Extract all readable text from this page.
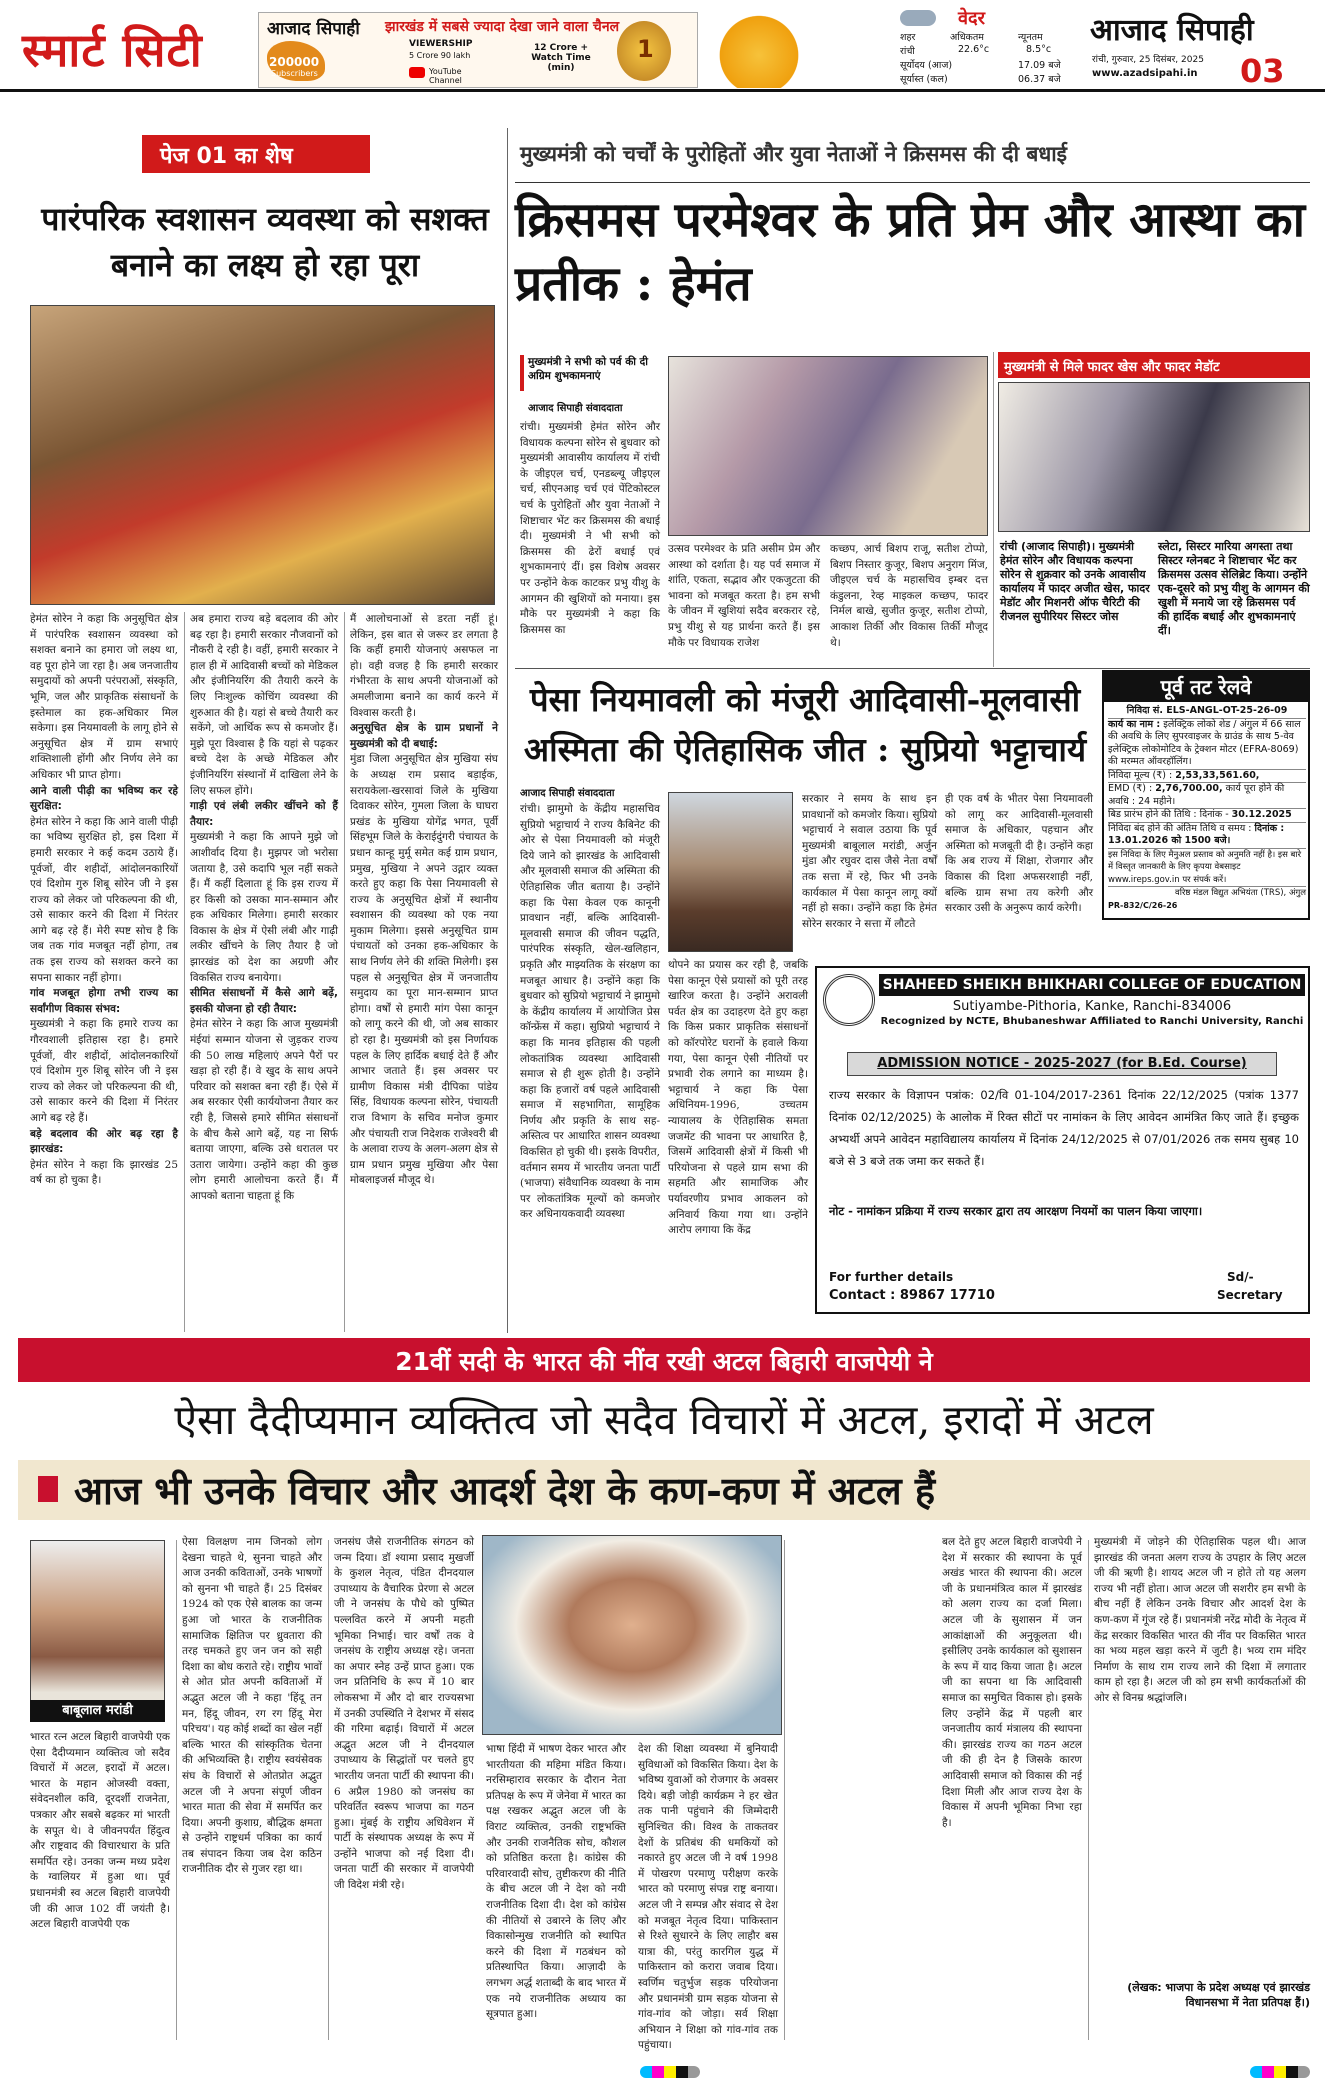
स्मार्ट सिटी	आजाद सिपाही झारखंड में सबसे ज्यादा देखा जाने वाला चैनल
200000
Subscribers
VIEWERSHIP
5 Crore 90 lakh
12 Crore + Watch Time (min)
YouTube Channel
1
वेदर
शहर	अधिकतम	न्यूनतम
रांची	22.6°c	8.5°c
सूर्योदय (आज)	17.09 बजे
सूर्यास्त (कल)	06.37 बजे
आजाद सिपाही
रांची, गुरुवार, 25 दिसंबर, 2025
www.azadsipahi.in 03
पेज 01 का शेष
पारंपरिक स्वशासन व्यवस्था को सशक्त बनाने का लक्ष्य हो रहा पूरा
हेमंत सोरेन ने कहा कि अनुसूचित क्षेत्र में पारंपरिक स्वशासन व्यवस्था को सशक्त बनाने का हमारा जो लक्ष्य था, वह पूरा होने जा रहा है। अब जनजातीय समुदायों को अपनी परंपराओं, संस्कृति, भूमि, जल और प्राकृतिक संसाधनों के इस्तेमाल का हक-अधिकार मिल सकेगा। इस नियमावली के लागू होने से अनुसूचित क्षेत्र में ग्राम सभाएं शक्तिशाली होंगी और निर्णय लेने का अधिकार भी प्राप्त होगा।
आने वाली पीढ़ी का भविष्य कर रहे सुरक्षित:
हेमंत सोरेन ने कहा कि आने वाली पीढ़ी का भविष्य सुरक्षित हो, इस दिशा में हमारी सरकार ने कई कदम उठाये हैं। पूर्वजों, वीर शहीदों, आंदोलनकारियों एवं दिशोम गुरु शिबू सोरेन जी ने इस राज्य को लेकर जो परिकल्पना की थी, उसे साकार करने की दिशा में निरंतर आगे बढ़ रहे हैं। मेरी स्पष्ट सोच है कि जब तक गांव मजबूत नहीं होगा, तब तक इस राज्य को सशक्त करने का सपना साकार नहीं होगा।
गांव मजबूत होगा तभी राज्य का सर्वांगीण विकास संभव:
मुख्यमंत्री ने कहा कि हमारे राज्य का गौरवशाली इतिहास रहा है। हमारे पूर्वजों, वीर शहीदों, आंदोलनकारियों एवं दिशोम गुरु शिबू सोरेन जी ने इस राज्य को लेकर जो परिकल्पना की थी, उसे साकार करने की दिशा में निरंतर आगे बढ़ रहे हैं।
बड़े बदलाव की ओर बढ़ रहा है झारखंड:
हेमंत सोरेन ने कहा कि झारखंड 25 वर्ष का हो चुका है।
अब हमारा राज्य बड़े बदलाव की ओर बढ़ रहा है। हमारी सरकार नौजवानों को नौकरी दे रही है। वहीं, हमारी सरकार ने हाल ही में आदिवासी बच्चों को मेडिकल और इंजीनियरिंग की तैयारी करने के लिए निःशुल्क कोचिंग व्यवस्था की शुरुआत की है। यहां से बच्चे तैयारी कर सकेंगे, जो आर्थिक रूप से कमजोर हैं। मुझे पूरा विश्वास है कि यहां से पढ़कर बच्चे देश के अच्छे मेडिकल और इंजीनियरिंग संस्थानों में दाखिला लेने के लिए सफल होंगे।
गाड़ी एवं लंबी लकीर खींचने को हैं तैयार:
मुख्यमंत्री ने कहा कि आपने मुझे जो आशीर्वाद दिया है। मुझपर जो भरोसा जताया है, उसे कदापि भूल नहीं सकते हैं। मैं कहीं दिलाता हूं कि इस राज्य में हर किसी को उसका मान-सम्मान और हक अधिकार मिलेगा। हमारी सरकार विकास के क्षेत्र में ऐसी लंबी और गाढ़ी लकीर खींचने के लिए तैयार है जो झारखंड को देश का अग्रणी और विकसित राज्य बनायेगा।
सीमित संसाधनों में कैसे आगे बढ़ें, इसकी योजना हो रही तैयार:
हेमंत सोरेन ने कहा कि आज मुख्यमंत्री मंईयां सम्मान योजना से जुड़कर राज्य की 50 लाख महिलाएं अपने पैरों पर खड़ा हो रही हैं। वे खुद के साथ अपने परिवार को सशक्त बना रही हैं। ऐसे में अब सरकार ऐसी कार्ययोजना तैयार कर रही है, जिससे हमारे सीमित संसाधनों के बीच कैसे आगे बढ़ें, यह ना सिर्फ बताया जाएगा, बल्कि उसे धरातल पर उतारा जायेगा। उन्होंने कहा की कुछ लोग हमारी आलोचना करते हैं। मैं आपको बताना चाहता हूं कि
मैं आलोचनाओं से डरता नहीं हूं। लेकिन, इस बात से जरूर डर लगता है कि कहीं हमारी योजनाएं असफल ना हो। वही वजह है कि हमारी सरकार गंभीरता के साथ अपनी योजनाओं को अमलीजामा बनाने का कार्य करने में विश्वास करती है।
अनुसूचित क्षेत्र के ग्राम प्रधानों ने मुख्यमंत्री को दी बधाई:
मुंडा जिला अनुसूचित क्षेत्र मुखिया संघ के अध्यक्ष राम प्रसाद बड़ाईक, सरायकेला-खरसावां जिले के मुखिया दिवाकर सोरेन, गुमला जिला के घाघरा प्रखंड के मुखिया योगेंद्र भगत, पूर्वी सिंहभूम जिले के केराईदुंगरी पंचायत के प्रधान कान्हू मुर्मू समेत कई ग्राम प्रधान, प्रमुख, मुखिया ने अपने उद्गार व्यक्त करते हुए कहा कि पेसा नियमावली से राज्य के अनुसूचित क्षेत्रों में स्थानीय स्वशासन की व्यवस्था को एक नया मुकाम मिलेगा। इससे अनुसूचित ग्राम पंचायतों को उनका हक-अधिकार के साथ निर्णय लेने की शक्ति मिलेगी। इस पहल से अनुसूचित क्षेत्र में जनजातीय समुदाय का पूरा मान-सम्मान प्राप्त होगा। वर्षों से हमारी मांग पेसा कानून को लागू करने की थी, जो अब साकार हो रहा है। मुख्यमंत्री को इस निर्णायक पहल के लिए हार्दिक बधाई देते हैं और आभार जताते हैं। इस अवसर पर ग्रामीण विकास मंत्री दीपिका पांडेय सिंह, विधायक कल्पना सोरेन, पंचायती राज विभाग के सचिव मनोज कुमार और पंचायती राज निदेशक राजेश्वरी बी के अलावा राज्य के अलग-अलग क्षेत्र से ग्राम प्रधान प्रमुख मुखिया और पेसा मोबलाइजर्स मौजूद थे।
मुख्यमंत्री को चर्चों के पुरोहितों और युवा नेताओं ने क्रिसमस की दी बधाई
क्रिसमस परमेश्वर के प्रति प्रेम और आस्था का प्रतीक : हेमंत
मुख्यमंत्री ने सभी को पर्व की दी अग्रिम शुभकामनाएं
आजाद सिपाही संवाददाता
रांची। मुख्यमंत्री हेमंत सोरेन और विधायक कल्पना सोरेन से बुधवार को मुख्यमंत्री आवासीय कार्यालय में रांची के जीइएल चर्च, एनडब्ल्यू जीइएल चर्च, सीएनआइ चर्च एवं पेंटिकोस्टल चर्च के पुरोहितों और युवा नेताओं ने शिष्टाचार भेंट कर क्रिसमस की बधाई दी। मुख्यमंत्री ने भी सभी को क्रिसमस की ढेरों बधाई एवं शुभकामनाएं दीं। इस विशेष अवसर पर उन्होंने केक काटकर प्रभु यीशु के आगमन की खुशियों को मनाया। इस मौके पर मुख्यमंत्री ने कहा कि क्रिसमस का
उत्सव परमेश्वर के प्रति असीम प्रेम और आस्था को दर्शाता है। यह पर्व समाज में शांति, एकता, सद्भाव और एकजुटता की भावना को मजबूत करता है। हम सभी के जीवन में खुशियां सदैव बरकरार रहे, प्रभु यीशु से यह प्रार्थना करते हैं। इस मौके पर विधायक राजेश
कच्छप, आर्च बिशप राजू, सतीश टोप्पो, बिशप निस्तार कुजूर, बिशप अनुराग मिंज, जीइएल चर्च के महासचिव इम्बर दत्त कंडुलना, रेव्ह माइकल कच्छप, फादर निर्मल बाखे, सुजीत कुजूर, सतीश टोप्पो, आकाश तिर्की और विकास तिर्की मौजूद थे।
मुख्यमंत्री से मिले फादर खेस और फादर मेडॉट
रांची (आजाद सिपाही)। मुख्यमंत्री हेमंत सोरेन और विधायक कल्पना सोरेन से शुक्रवार को उनके आवासीय कार्यालय में फादर अजीत खेस, फादर मेडॉट और मिशनरी ऑफ चैरिटी की रीजनल सुपीरियर सिस्टर जोस
स्लेटा, सिस्टर मारिया अगस्ता तथा सिस्टर ग्लेनबट ने शिष्टाचार भेंट कर क्रिसमस उत्सव सेलिब्रेट किया। उन्होंने एक-दूसरे को प्रभु यीशु के आगमन की खुशी में मनाये जा रहे क्रिसमस पर्व की हार्दिक बधाई और शुभकामनाएं दीं।
पेसा नियमावली को मंजूरी आदिवासी-मूलवासी अस्मिता की ऐतिहासिक जीत : सुप्रियो भट्टाचार्य
आजाद सिपाही संवाददाता
रांची। झामुमो के केंद्रीय महासचिव सुप्रियो भट्टाचार्य ने राज्य कैबिनेट की ओर से पेसा नियमावली को मंजूरी दिये जाने को झारखंड के आदिवासी और मूलवासी समाज की अस्मिता की ऐतिहासिक जीत बताया है। उन्होंने कहा कि पेसा केवल एक कानूनी प्रावधान नहीं, बल्कि आदिवासी-मूलवासी समाज की जीवन पद्धति, पारंपरिक संस्कृति, खेल-खलिहान, प्रकृति और माझ्यतिक के संरक्षण का मजबूत आधार है। उन्होंने कहा कि बुधवार को सुप्रियो भट्टाचार्य ने झामुमो के केंद्रीय कार्यालय में आयोजित प्रेस कॉन्फ्रेंस में कहा। सुप्रियो भट्टाचार्य ने कहा कि मानव इतिहास की पहली लोकतांत्रिक व्यवस्था आदिवासी समाज से ही शुरू होती है। उन्होंने कहा कि हजारों वर्ष पहले आदिवासी समाज में सहभागिता, सामूहिक निर्णय और प्रकृति के साथ सह-अस्तित्व पर आधारित शासन व्यवस्था विकसित हो चुकी थी। इसके विपरीत, वर्तमान समय में भारतीय जनता पार्टी (भाजपा) संवैधानिक व्यवस्था के नाम पर लोकतांत्रिक मूल्यों को कमजोर कर अधिनायकवादी व्यवस्था
सरकार ने समय के साथ इन प्रावधानों को कमजोर किया। सुप्रियो भट्टाचार्य ने सवाल उठाया कि पूर्व मुख्यमंत्री बाबूलाल मरांडी, अर्जुन मुंडा और रघुवर दास जैसे नेता वर्षों तक सत्ता में रहे, फिर भी उनके कार्यकाल में पेसा कानून लागू क्यों नहीं हो सका। उन्होंने कहा कि हेमंत सोरेन सरकार ने सत्ता में लौटते
ही एक वर्ष के भीतर पेसा नियमावली को लागू कर आदिवासी-मूलवासी समाज के अधिकार, पहचान और अस्मिता को मजबूती दी है। उन्होंने कहा कि अब राज्य में शिक्षा, रोजगार और विकास की दिशा अफसरशाही नहीं, बल्कि ग्राम सभा तय करेगी और सरकार उसी के अनुरूप कार्य करेगी।
थोपने का प्रयास कर रही है, जबकि पेसा कानून ऐसे प्रयासों को पूरी तरह खारिज करता है। उन्होंने अरावली पर्वत क्षेत्र का उदाहरण देते हुए कहा कि किस प्रकार प्राकृतिक संसाधनों को कॉरपोरेट घरानों के हवाले किया गया, पेसा कानून ऐसी नीतियों पर प्रभावी रोक लगाने का माध्यम है। भट्टाचार्य ने कहा कि पेसा अधिनियम-1996, उच्चतम न्यायालय के ऐतिहासिक समता जजमेंट की भावना पर आधारित है, जिसमें आदिवासी क्षेत्रों में किसी भी परियोजना से पहले ग्राम सभा की सहमति और सामाजिक और पर्यावरणीय प्रभाव आकलन को अनिवार्य किया गया था। उन्होंने आरोप लगाया कि केंद्र
पूर्व तट रेलवे
निविदा सं. ELS-ANGL-OT-25-26-09
कार्य का नाम : इलेक्ट्रिक लोको शेड / अंगुल में 66 साल की अवधि के लिए सुपरवाइजर के ग्राउंड के साथ 5-वेव इलेक्ट्रिक लोकोमोटिव के ट्रेक्शन मोटर (EFRA-8069) की मरम्मत ऑवरहॉलिंग।
निविदा मूल्य (₹) : 2,53,33,561.60,
EMD (₹) : 2,76,700.00, कार्य पूरा होने की अवधि : 24 महीने।
बिड प्रारंभ होने की तिथि : दिनांक - 30.12.2025
निविदा बंद होने की अंतिम तिथि व समय : दिनांक : 13.01.2026 को 1500 बजे।
इस निविदा के लिए मैनुअल प्रस्ताव को अनुमति नहीं है। इस बारे में विस्तृत जानकारी के लिए कृपया वेबसाइट www.ireps.gov.in पर संपर्क करें।
वरिष्ठ मंडल विद्युत अभियंता (TRS), अंगुल
PR-832/C/26-26
SHAHEED SHEIKH BHIKHARI COLLEGE OF EDUCATION
Sutiyambe-Pithoria, Kanke, Ranchi-834006
Recognized by NCTE, Bhubaneshwar Affiliated to Ranchi University, Ranchi
ADMISSION NOTICE - 2025-2027 (for B.Ed. Course)
राज्य सरकार के विज्ञापन पत्रांक: 02/वि 01-104/2017-2361 दिनांक 22/12/2025 (पत्रांक 1377 दिनांक 02/12/2025) के आलोक में रिक्त सीटों पर नामांकन के लिए आवेदन आमंत्रित किए जाते हैं। इच्छुक अभ्यर्थी अपने आवेदन महाविद्यालय कार्यालय में दिनांक 24/12/2025 से 07/01/2026 तक समय सुबह 10 बजे से 3 बजे तक जमा कर सकते हैं।
नोट - नामांकन प्रक्रिया में राज्य सरकार द्वारा तय आरक्षण नियमों का पालन किया जाएगा।
For further details
Contact : 89867 17710
Sd/-
Secretary
21वीं सदी के भारत की नींव रखी अटल बिहारी वाजपेयी ने
ऐसा दैदीप्यमान व्यक्तित्व जो सदैव विचारों में अटल, इरादों में अटल
आज भी उनके विचार और आदर्श देश के कण-कण में अटल हैं
बाबूलाल मरांडी
भारत रत्न अटल बिहारी वाजपेयी एक ऐसा दैदीप्यमान व्यक्तित्व जो सदैव विचारों में अटल, इरादों में अटल। भारत के महान ओजस्वी वक्ता, संवेदनशील कवि, दूरदर्शी राजनेता, पत्रकार और सबसे बढ़कर मां भारती के सपूत थे। वे जीवनपर्यंत हिंदुत्व और राष्ट्रवाद की विचारधारा के प्रति समर्पित रहे। उनका जन्म मध्य प्रदेश के ग्वालियर में हुआ था। पूर्व प्रधानमंत्री स्व अटल बिहारी वाजपेयी जी की आज 102 वीं जयंती है। अटल बिहारी वाजपेयी एक
ऐसा विलक्षण नाम जिनको लोग देखना चाहते थे, सुनना चाहते और आज उनकी कविताओं, उनके भाषणों को सुनना भी चाहते हैं। 25 दिसंबर 1924 को एक ऐसे बालक का जन्म हुआ जो भारत के राजनीतिक सामाजिक क्षितिज पर ध्रुवतारा की तरह चमकते हुए जन जन को सही दिशा का बोध कराते रहे। राष्ट्रीय भावों से ओत प्रोत अपनी कविताओं में अद्भुत अटल जी ने कहा 'हिंदू तन मन, हिंदू जीवन, रग रग हिंदू मेरा परिचय'। यह कोई शब्दों का खेल नहीं बल्कि भारत की सांस्कृतिक चेतना की अभिव्यक्ति है। राष्ट्रीय स्वयंसेवक संघ के विचारों से ओतप्रोत अद्भुत अटल जी ने अपना संपूर्ण जीवन भारत माता की सेवा में समर्पित कर दिया। अपनी कुशाग्र, बौद्धिक क्षमता से उन्होंने राष्ट्रधर्म पत्रिका का कार्य तब संपादन किया जब देश कठिन राजनीतिक दौर से गुजर रहा था।
जनसंघ जैसे राजनीतिक संगठन को जन्म दिया। डॉ श्यामा प्रसाद मुखर्जी के कुशल नेतृत्व, पंडित दीनदयाल उपाध्याय के वैचारिक प्रेरणा से अटल जी ने जनसंघ के पौधे को पुष्पित पल्लवित करने में अपनी महती भूमिका निभाई। चार वर्षों तक वे जनसंघ के राष्ट्रीय अध्यक्ष रहे। जनता का अपार स्नेह उन्हें प्राप्त हुआ। एक जन प्रतिनिधि के रूप में 10 बार लोकसभा में और दो बार राज्यसभा में उनकी उपस्थिति ने देशभर में संसद की गरिमा बढ़ाई। विचारों में अटल अद्भुत अटल जी ने दीनदयाल उपाध्याय के सिद्धांतों पर चलते हुए भारतीय जनता पार्टी की स्थापना की। 6 अप्रैल 1980 को जनसंघ का परिवर्तित स्वरूप भाजपा का गठन हुआ। मुंबई के राष्ट्रीय अधिवेशन में पार्टी के संस्थापक अध्यक्ष के रूप में उन्होंने भाजपा को नई दिशा दी। जनता पार्टी की सरकार में वाजपेयी जी विदेश मंत्री रहे।
भाषा हिंदी में भाषण देकर भारत और भारतीयता की महिमा मंडित किया। नरसिम्हाराव सरकार के दौरान नेता प्रतिपक्ष के रूप में जेनेवा में भारत का पक्ष रखकर अद्भुत अटल जी के विराट व्यक्तित्व, उनकी राष्ट्रभक्ति और उनकी राजनैतिक सोच, कौशल को प्रतिष्ठित करता है। कांग्रेस की परिवारवादी सोच, तुष्टीकरण की नीति के बीच अटल जी ने देश को नयी राजनीतिक दिशा दी। देश को कांग्रेस की नीतियों से उबारने के लिए और विकासोन्मुख राजनीति को स्थापित करने की दिशा में गठबंधन को प्रतिस्थापित किया। आज़ादी के लगभग अर्द्ध शताब्दी के बाद भारत में एक नये राजनीतिक अध्याय का सूत्रपात हुआ।
देश की शिक्षा व्यवस्था में बुनियादी सुविधाओं को विकसित किया। देश के भविष्य युवाओं को रोजगार के अवसर दिये। बड़ी जोड़ी कार्यक्रम ने हर खेत तक पानी पहुंचाने की जिम्मेदारी सुनिश्चित की। विश्व के ताकतवर देशों के प्रतिबंध की धमकियों को नकारते हुए अटल जी ने वर्ष 1998 में पोखरण परमाणु परीक्षण करके भारत को परमाणु संपन्न राष्ट्र बनाया। अटल जी ने सम्पन्न और संवाद से देश को मजबूत नेतृत्व दिया। पाकिस्तान से रिश्ते सुधारने के लिए लाहौर बस यात्रा की, परंतु कारगिल युद्ध में पाकिस्तान को करारा जवाब दिया। स्वर्णिम चतुर्भुज सड़क परियोजना और प्रधानमंत्री ग्राम सड़क योजना से गांव-गांव को जोड़ा। सर्व शिक्षा अभियान ने शिक्षा को गांव-गांव तक पहुंचाया।
बल देते हुए अटल बिहारी वाजपेयी ने देश में सरकार की स्थापना के पूर्व अखंड भारत की स्थापना की। अटल जी के प्रधानमंत्रित्व काल में झारखंड को अलग राज्य का दर्जा मिला। अटल जी के सुशासन में जन आकांक्षाओं की अनुकूलता थी। इसीलिए उनके कार्यकाल को सुशासन के रूप में याद किया जाता है। अटल जी का सपना था कि आदिवासी समाज का समुचित विकास हो। इसके लिए उन्होंने केंद्र में पहली बार जनजातीय कार्य मंत्रालय की स्थापना की। झारखंड राज्य का गठन अटल जी की ही देन है जिसके कारण आदिवासी समाज को विकास की नई दिशा मिली और आज राज्य देश के विकास में अपनी भूमिका निभा रहा है।
मुख्यमंत्री में जोड़ने की ऐतिहासिक पहल थी। आज झारखंड की जनता अलग राज्य के उपहार के लिए अटल जी की ऋणी है। शायद अटल जी न होते तो यह अलग राज्य भी नहीं होता। आज अटल जी सशरीर हम सभी के बीच नहीं हैं लेकिन उनके विचार और आदर्श देश के कण-कण में गूंज रहे हैं। प्रधानमंत्री नरेंद्र मोदी के नेतृत्व में केंद्र सरकार विकसित भारत की नींव पर विकसित भारत का भव्य महल खड़ा करने में जुटी है। भव्य राम मंदिर निर्माण के साथ राम राज्य लाने की दिशा में लगातार काम हो रहा है। अटल जी को हम सभी कार्यकर्ताओं की ओर से विनम्र श्रद्धांजलि।
(लेखक: भाजपा के प्रदेश अध्यक्ष एवं झारखंड विधानसभा में नेता प्रतिपक्ष हैं।)
